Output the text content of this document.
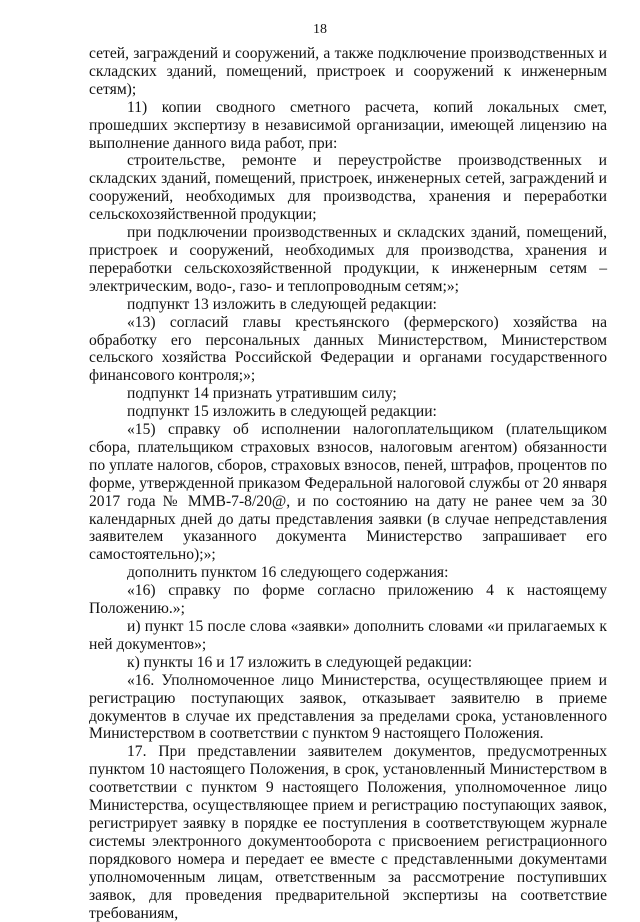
18

сетей, заграждений и сооружений, а также подключение производственных и складских зданий, помещений, пристроек и сооружений к инженерным сетям);

11) копии сводного сметного расчета, копий локальных смет, прошедших экспертизу в независимой организации, имеющей лицензию на выполнение данного вида работ, при:

строительстве, ремонте и переустройстве производственных и складских зданий, помещений, пристроек, инженерных сетей, заграждений и сооружений, необходимых для производства, хранения и переработки сельскохозяйственной продукции;

при подключении производственных и складских зданий, помещений, пристроек и сооружений, необходимых для производства, хранения и переработки сельскохозяйственной продукции, к инженерным сетям – электрическим, водо-, газо- и теплопроводным сетям;»;

подпункт 13 изложить в следующей редакции:

«13) согласий главы крестьянского (фермерского) хозяйства на обработку его персональных данных Министерством, Министерством сельского хозяйства Российской Федерации и органами государственного финансового контроля;»;

подпункт 14 признать утратившим силу;

подпункт 15 изложить в следующей редакции:

«15) справку об исполнении налогоплательщиком (плательщиком сбора, плательщиком страховых взносов, налоговым агентом) обязанности по уплате налогов, сборов, страховых взносов, пеней, штрафов, процентов по форме, утвержденной приказом Федеральной налоговой службы от 20 января 2017 года № ММВ-7-8/20@, и по состоянию на дату не ранее чем за 30 календарных дней до даты представления заявки (в случае непредставления заявителем указанного документа Министерство запрашивает его самостоятельно);»;

дополнить пунктом 16 следующего содержания:

«16) справку по форме согласно приложению 4 к настоящему Положению.»;

и) пункт 15 после слова «заявки» дополнить словами «и прилагаемых к ней документов»;

к) пункты 16 и 17 изложить в следующей редакции:

«16. Уполномоченное лицо Министерства, осуществляющее прием и регистрацию поступающих заявок, отказывает заявителю в приеме документов в случае их представления за пределами срока, установленного Министерством в соответствии с пунктом 9 настоящего Положения.

17. При представлении заявителем документов, предусмотренных пунктом 10 настоящего Положения, в срок, установленный Министерством в соответствии с пунктом 9 настоящего Положения, уполномоченное лицо Министерства, осуществляющее прием и регистрацию поступающих заявок, регистрирует заявку в порядке ее поступления в соответствующем журнале системы электронного документооборота с присвоением регистрационного порядкового номера и передает ее вместе с представленными документами уполномоченным лицам, ответственным за рассмотрение поступивших заявок, для проведения предварительной экспертизы на соответствие требованиям,
